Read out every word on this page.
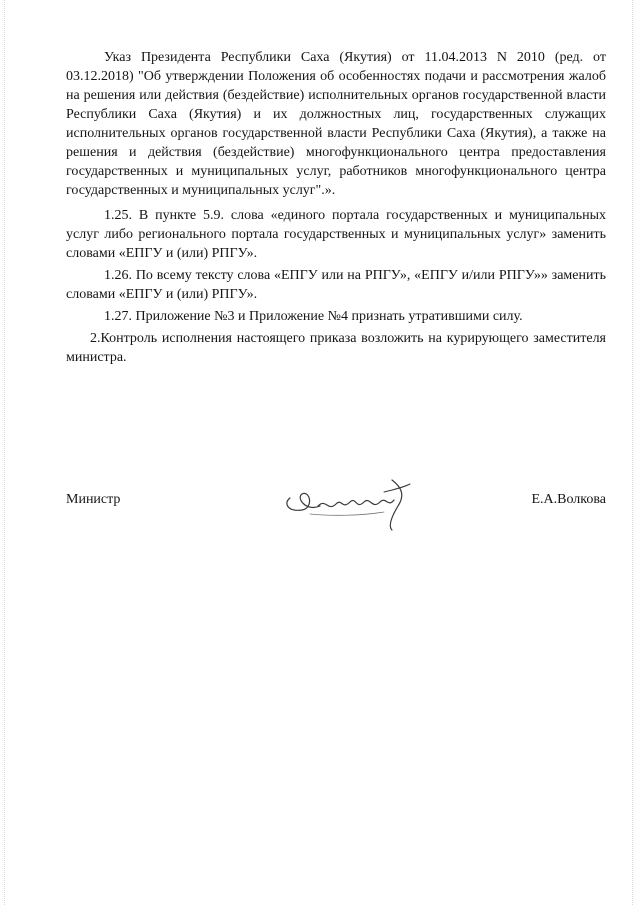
Указ Президента Республики Саха (Якутия) от 11.04.2013 N 2010 (ред. от 03.12.2018) "Об утверждении Положения об особенностях подачи и рассмотрения жалоб на решения или действия (бездействие) исполнительных органов государственной власти Республики Саха (Якутия) и их должностных лиц, государственных служащих исполнительных органов государственной власти Республики Саха (Якутия), а также на решения и действия (бездействие) многофункционального центра предоставления государственных и муниципальных услуг, работников многофункционального центра государственных и муниципальных услуг".».

1.25. В пункте 5.9. слова «единого портала государственных и муниципальных услуг либо регионального портала государственных и муниципальных услуг» заменить словами «ЕПГУ и (или) РПГУ».

1.26. По всему тексту слова «ЕПГУ или на РПГУ», «ЕПГУ и/или РПГУ»» заменить словами «ЕПГУ и (или) РПГУ».

1.27. Приложение №3 и Приложение №4 признать утратившими силу.

2.Контроль исполнения настоящего приказа возложить на курирующего заместителя министра.

Министр	Е.А.Волкова
